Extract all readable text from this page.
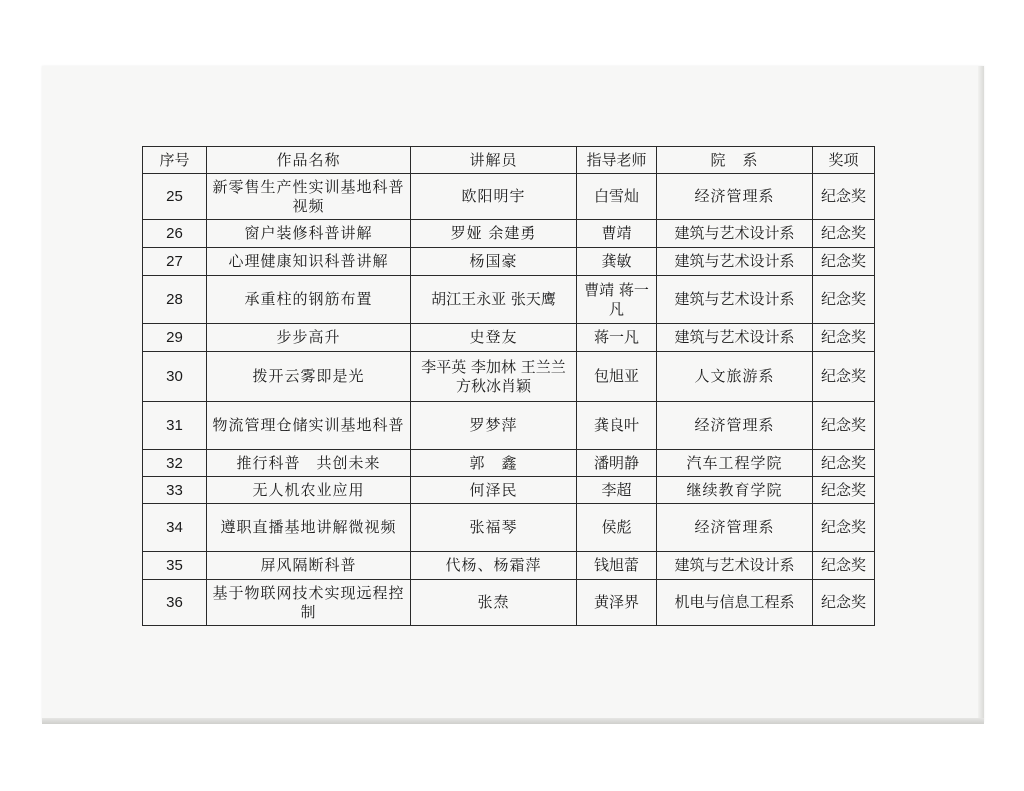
序号	作品名称	讲解员	指导老师	院　系	奖项
25	新零售生产性实训基地科普视频	欧阳明宇	白雪灿	经济管理系	纪念奖
26	窗户装修科普讲解	罗娅 余建勇	曹靖	建筑与艺术设计系	纪念奖
27	心理健康知识科普讲解	杨国豪	龚敏	建筑与艺术设计系	纪念奖
28	承重柱的钢筋布置	胡江王永亚 张天鹰	曹靖 蒋一凡	建筑与艺术设计系	纪念奖
29	步步高升	史登友	蒋一凡	建筑与艺术设计系	纪念奖
30	拨开云雾即是光	李平英 李加林 王兰兰 方秋冰肖颖	包旭亚	人文旅游系	纪念奖
31	物流管理仓储实训基地科普	罗梦萍	龚良叶	经济管理系	纪念奖
32	推行科普　共创未来	郭　鑫	潘明静	汽车工程学院	纪念奖
33	无人机农业应用	何泽民	李超	继续教育学院	纪念奖
34	遵职直播基地讲解微视频	张福琴	侯彪	经济管理系	纪念奖
35	屏风隔断科普	代杨、杨霜萍	钱旭蕾	建筑与艺术设计系	纪念奖
36	基于物联网技术实现远程控制	张焘	黄泽界	机电与信息工程系	纪念奖
